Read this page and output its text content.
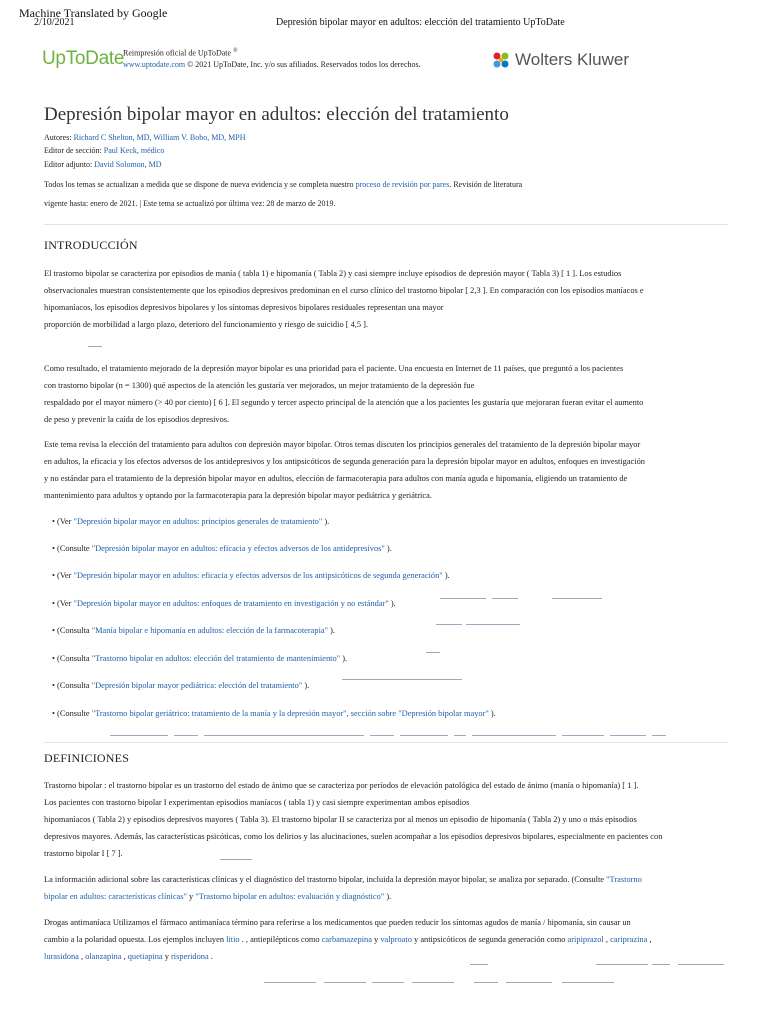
Machine Translated by Google
2/10/2021	Depresión bipolar mayor en adultos: elección del tratamiento UpToDate
UpToDate
Reimpresión oficial de UpToDate ®
www.uptodate.com © 2021 UpToDate, Inc. y/o sus afiliados. Reservados todos los derechos.	Wolters Kluwer
Depresión bipolar mayor en adultos: elección del tratamiento
Autores: Richard C Shelton, MD, William V. Bobo, MD, MPH
Editor de sección: Paul Keck, médico
Editor adjunto: David Solomon, MD
Todos los temas se actualizan a medida que se dispone de nueva evidencia y se completa nuestro proceso de revisión por pares. Revisión de literatura
vigente hasta: enero de 2021. | Este tema se actualizó por última vez: 28 de marzo de 2019.
INTRODUCCIÓN
El trastorno bipolar se caracteriza por episodios de manía ( tabla 1) e hipomanía ( Tabla 2) y casi siempre incluye episodios de depresión mayor ( Tabla 3) [ 1 ]. Los estudios
observacionales muestran consistentemente que los episodios depresivos predominan en el curso clínico del trastorno bipolar [ 2,3 ]. En comparación con los episodios maníacos e
hipomaníacos, los episodios depresivos bipolares y los síntomas depresivos bipolares residuales representan una mayor
proporción de morbilidad a largo plazo, deterioro del funcionamiento y riesgo de suicidio [ 4,5 ].
Como resultado, el tratamiento mejorado de la depresión mayor bipolar es una prioridad para el paciente. Una encuesta en Internet de 11 países, que preguntó a los pacientes
con trastorno bipolar (n = 1300) qué aspectos de la atención les gustaría ver mejorados, un mejor tratamiento de la depresión fue
respaldado por el mayor número (> 40 por ciento) [ 6 ]. El segundo y tercer aspecto principal de la atención que a los pacientes les gustaría que mejoraran fueran evitar el aumento
de peso y prevenir la caída de los episodios depresivos.
Este tema revisa la elección del tratamiento para adultos con depresión mayor bipolar. Otros temas discuten los principios generales del tratamiento de la depresión bipolar mayor
en adultos, la eficacia y los efectos adversos de los antidepresivos y los antipsicóticos de segunda generación para la depresión bipolar mayor en adultos, enfoques en investigación
y no estándar para el tratamiento de la depresión bipolar mayor en adultos, elección de farmacoterapia para adultos con manía aguda e hipomanía, eligiendo un tratamiento de
mantenimiento para adultos y optando por la farmacoterapia para la depresión bipolar mayor pediátrica y geriátrica.
• (Ver "Depresión bipolar mayor en adultos: principios generales de tratamiento" ).
• (Consulte "Depresión bipolar mayor en adultos: eficacia y efectos adversos de los antidepresivos" ).
• (Ver "Depresión bipolar mayor en adultos: eficacia y efectos adversos de los antipsicóticos de segunda generación" ).
• (Ver "Depresión bipolar mayor en adultos: enfoques de tratamiento en investigación y no estándar" ).
• (Consulta "Manía bipolar e hipomanía en adultos: elección de la farmacoterapia" ).
• (Consulta "Trastorno bipolar en adultos: elección del tratamiento de mantenimiento" ).
• (Consulta "Depresión bipolar mayor pediátrica: elección del tratamiento" ).
• (Consulte "Trastorno bipolar geriátrico: tratamiento de la manía y la depresión mayor", sección sobre "Depresión bipolar mayor" ).
DEFINICIONES
Trastorno bipolar : el trastorno bipolar es un trastorno del estado de ánimo que se caracteriza por períodos de elevación patológica del estado de ánimo (manía o hipomanía) [ 1 ].
Los pacientes con trastorno bipolar I experimentan episodios maníacos ( tabla 1) y casi siempre experimentan ambos episodios
hipomaníacos ( Tabla 2) y episodios depresivos mayores ( Tabla 3). El trastorno bipolar II se caracteriza por al menos un episodio de hipomanía ( Tabla 2) y uno o más episodios
depresivos mayores. Además, las características psicóticas, como los delirios y las alucinaciones, suelen acompañar a los episodios depresivos bipolares, especialmente en pacientes con
trastorno bipolar I [ 7 ].
La información adicional sobre las características clínicas y el diagnóstico del trastorno bipolar, incluida la depresión mayor bipolar, se analiza por separado. (Consulte "Trastorno
bipolar en adultos: características clínicas" y "Trastorno bipolar en adultos: evaluación y diagnóstico" ).
Drogas antimaníaca Utilizamos el fármaco antimaníaca término para referirse a los medicamentos que pueden reducir los síntomas agudos de manía / hipomanía, sin causar un
cambio a la polaridad opuesta. Los ejemplos incluyen litio . , antiepilépticos como carbamazepina y valproato y antipsicóticos de segunda generación como aripiprazol , cariprazina ,
lurasidona , olanzapina , quetiapina y risperidona .
